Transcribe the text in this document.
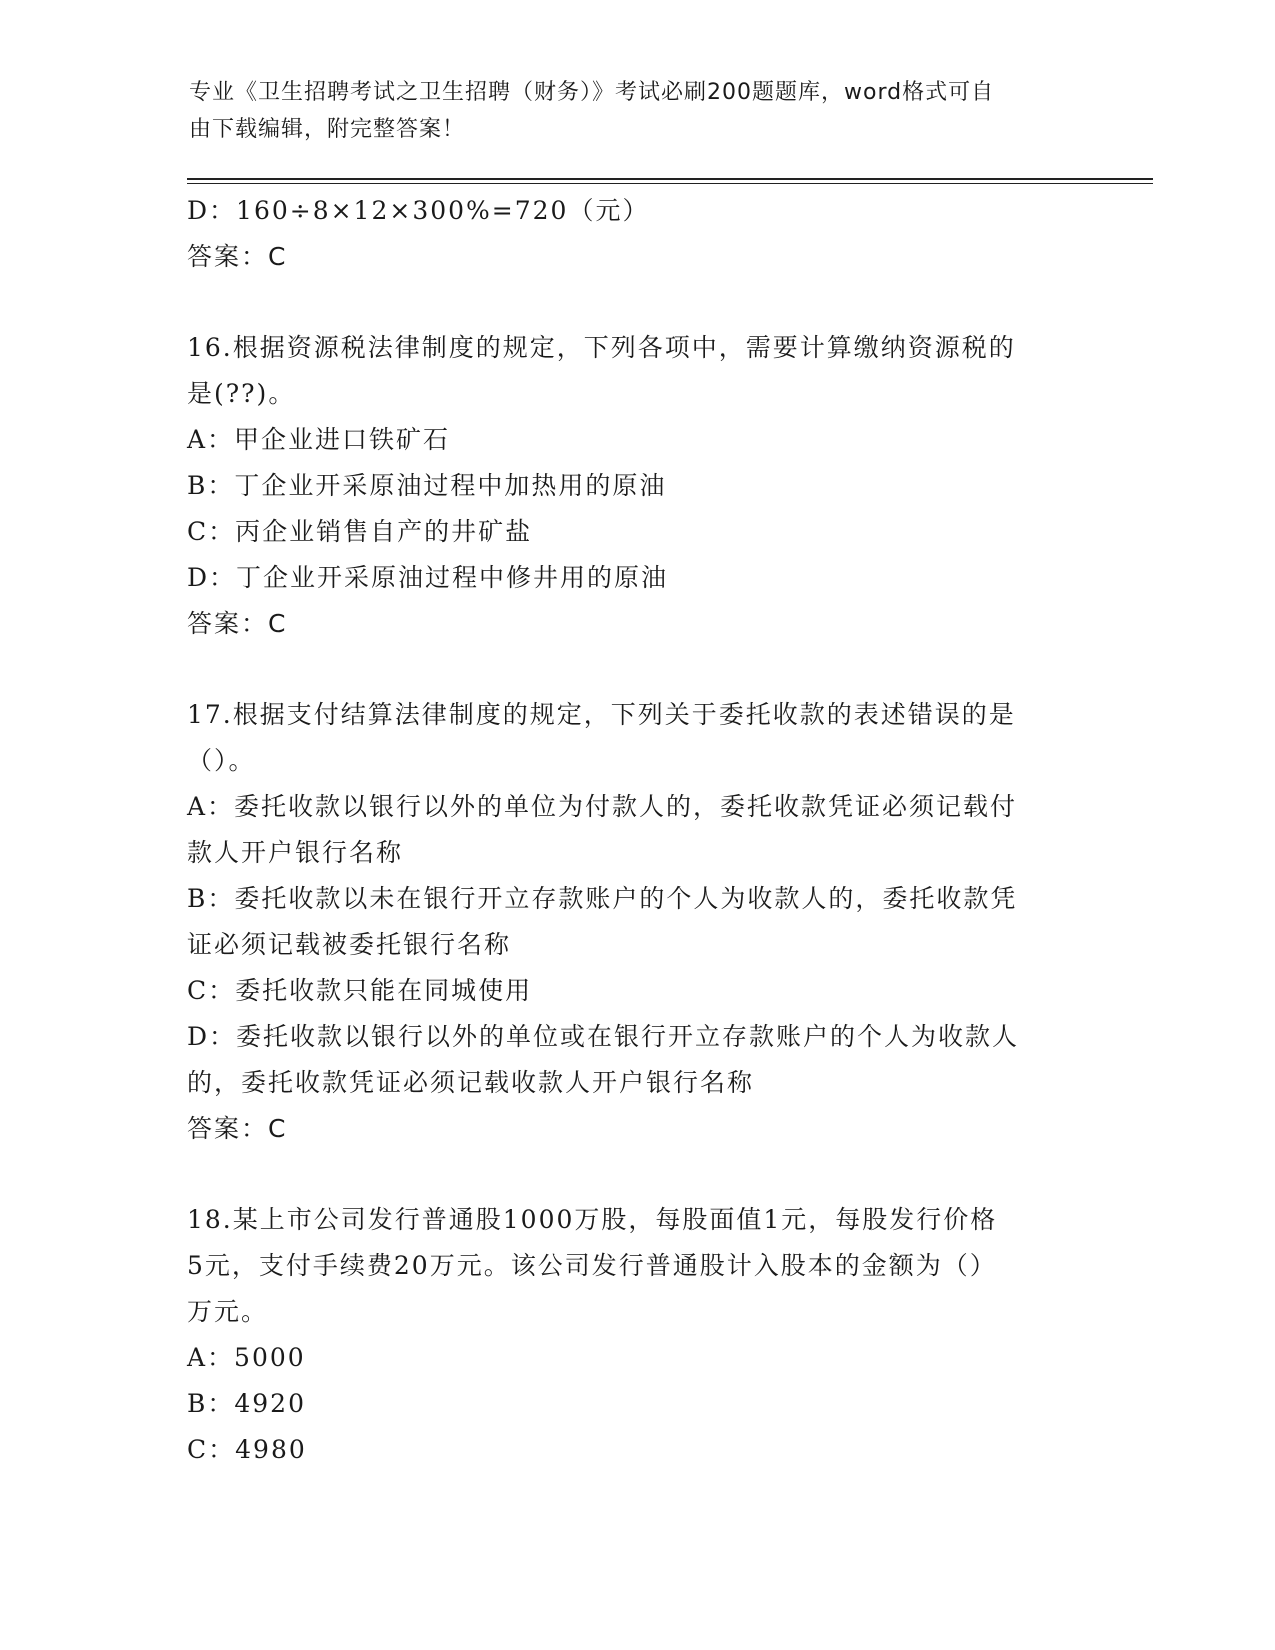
专业《卫生招聘考试之卫生招聘（财务）》考试必刷200题题库，word格式可自
由下载编辑，附完整答案！
D：160÷8×12×300%=720（元）
答案：C
16.根据资源税法律制度的规定，下列各项中，需要计算缴纳资源税的
是(??)。
A：甲企业进口铁矿石
B：丁企业开采原油过程中加热用的原油
C：丙企业销售自产的井矿盐
D：丁企业开采原油过程中修井用的原油
答案：C
17.根据支付结算法律制度的规定，下列关于委托收款的表述错误的是
（）。
A：委托收款以银行以外的单位为付款人的，委托收款凭证必须记载付
款人开户银行名称
B：委托收款以未在银行开立存款账户的个人为收款人的，委托收款凭
证必须记载被委托银行名称
C：委托收款只能在同城使用
D：委托收款以银行以外的单位或在银行开立存款账户的个人为收款人
的，委托收款凭证必须记载收款人开户银行名称
答案：C
18.某上市公司发行普通股1000万股，每股面值1元，每股发行价格
5元，支付手续费20万元。该公司发行普通股计入股本的金额为（）
万元。
A：5000
B：4920
C：4980
